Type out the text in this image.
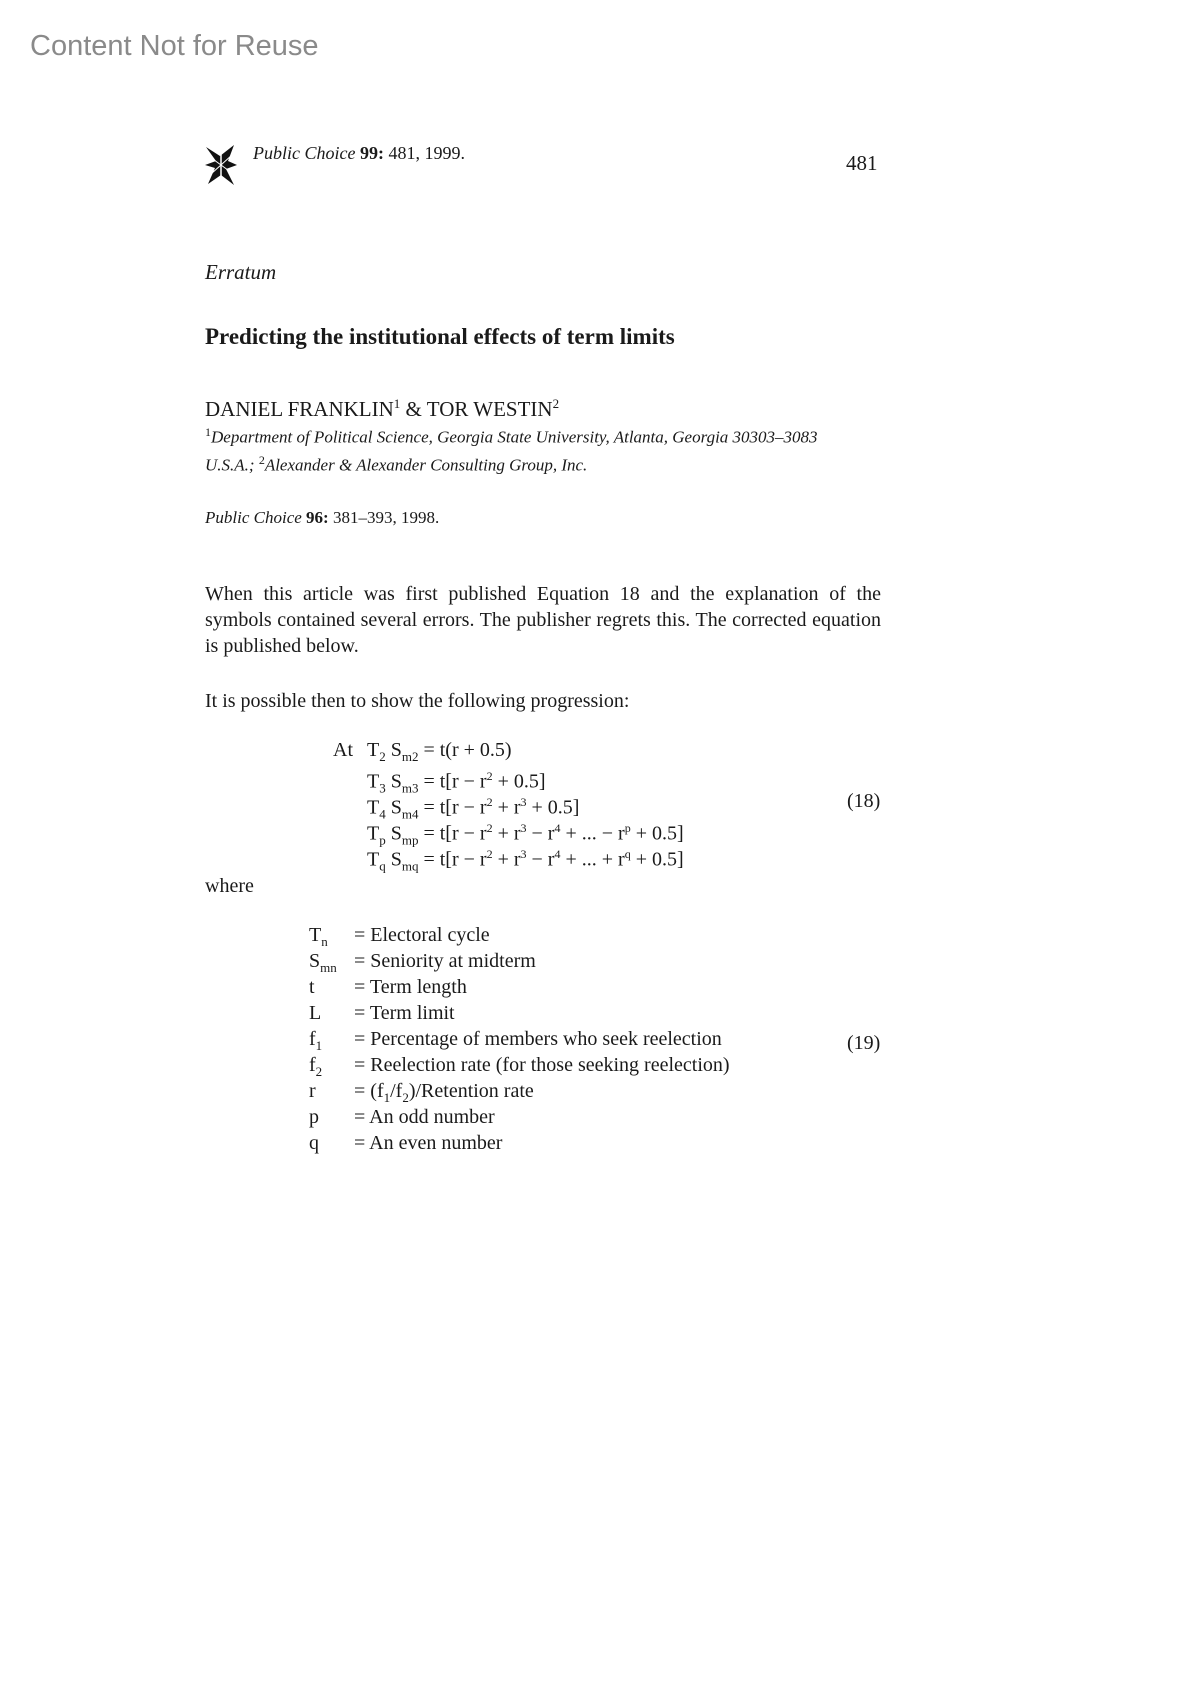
Content Not for Reuse
Public Choice 99: 481, 1999.	481
Erratum
Predicting the institutional effects of term limits
DANIEL FRANKLIN$^1$ & TOR WESTIN$^2$
$^1$Department of Political Science, Georgia State University, Atlanta, Georgia 30303–3083
U.S.A.; $^2$Alexander & Alexander Consulting Group, Inc.
Public Choice 96: 381–393, 1998.
When this article was first published Equation 18 and the explanation of the symbols contained several errors. The publisher regrets this. The corrected equation is published below.
It is possible then to show the following progression:
At $T_2$ $S_{m2} = t(r + 0.5)$
$T_3$ $S_{m3} = t[r - r^2 + 0.5]$
$T_4$ $S_{m4} = t[r - r^2 + r^3 + 0.5]$
$T_p$ $S_{mp} = t[r - r^2 + r^3 - r^4$ + ... − $r^p + 0.5$]
$T_q$ $S_{mq} = t[r - r^2 + r^3 - r^4$ + ... + $r^q + 0.5$]
(18)
where
$T_n$ = Electoral cycle
$S_{mn}$ = Seniority at midterm
t = Term length
L = Term limit
$f_1$ = Percentage of members who seek reelection
$f_2$ = Reelection rate (for those seeking reelection)
$r = (f_1/f_2)$/Retention rate
p = An odd number
q = An even number
(19)
